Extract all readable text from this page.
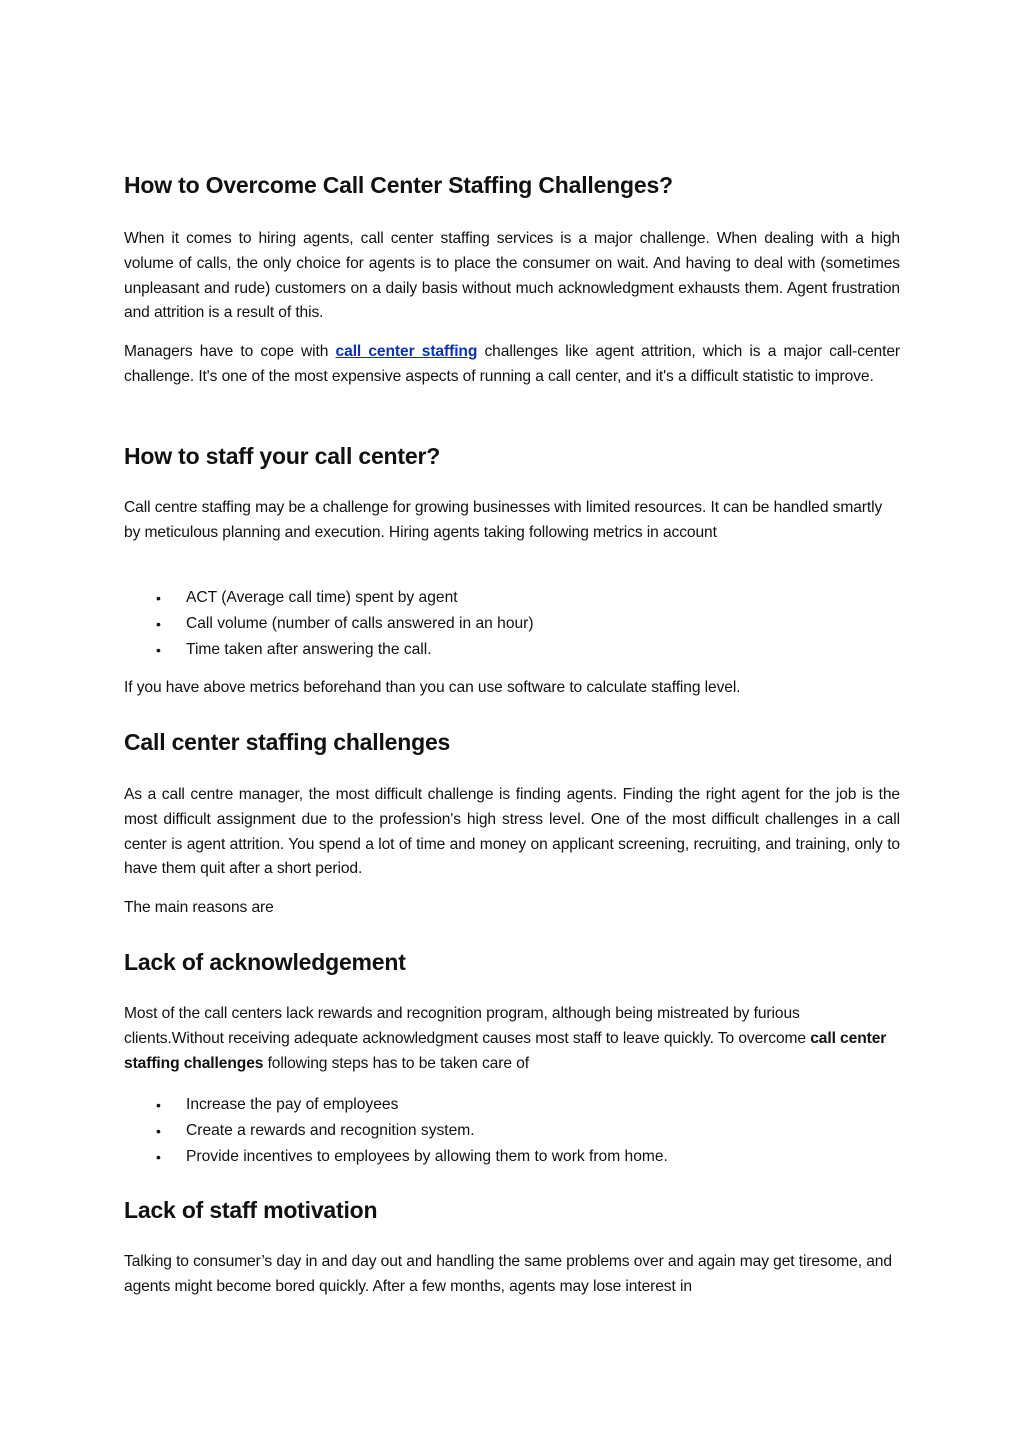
How to Overcome Call Center Staffing Challenges?

When it comes to hiring agents, call center staffing services is a major challenge. When dealing with a high volume of calls, the only choice for agents is to place the consumer on wait. And having to deal with (sometimes unpleasant and rude) customers on a daily basis without much acknowledgment exhausts them. Agent frustration and attrition is a result of this.

Managers have to cope with call center staffing challenges like agent attrition, which is a major call-center challenge. It's one of the most expensive aspects of running a call center, and it's a difficult statistic to improve.

How to staff your call center?

Call centre staffing may be a challenge for growing businesses with limited resources. It can be handled smartly by meticulous planning and execution. Hiring agents taking following metrics in account

• ACT (Average call time) spent by agent
• Call volume (number of calls answered in an hour)
• Time taken after answering the call.

If you have above metrics beforehand than you can use software to calculate staffing level.

Call center staffing challenges

As a call centre manager, the most difficult challenge is finding agents. Finding the right agent for the job is the most difficult assignment due to the profession's high stress level. One of the most difficult challenges in a call center is agent attrition. You spend a lot of time and money on applicant screening, recruiting, and training, only to have them quit after a short period.

The main reasons are

Lack of acknowledgement

Most of the call centers lack rewards and recognition program, although being mistreated by furious clients.Without receiving adequate acknowledgment causes most staff to leave quickly. To overcome call center staffing challenges following steps has to be taken care of

• Increase the pay of employees
• Create a rewards and recognition system.
• Provide incentives to employees by allowing them to work from home.
Lack of staff motivation

Talking to consumer’s day in and day out and handling the same problems over and again may get tiresome, and agents might become bored quickly. After a few months, agents may lose interest in
